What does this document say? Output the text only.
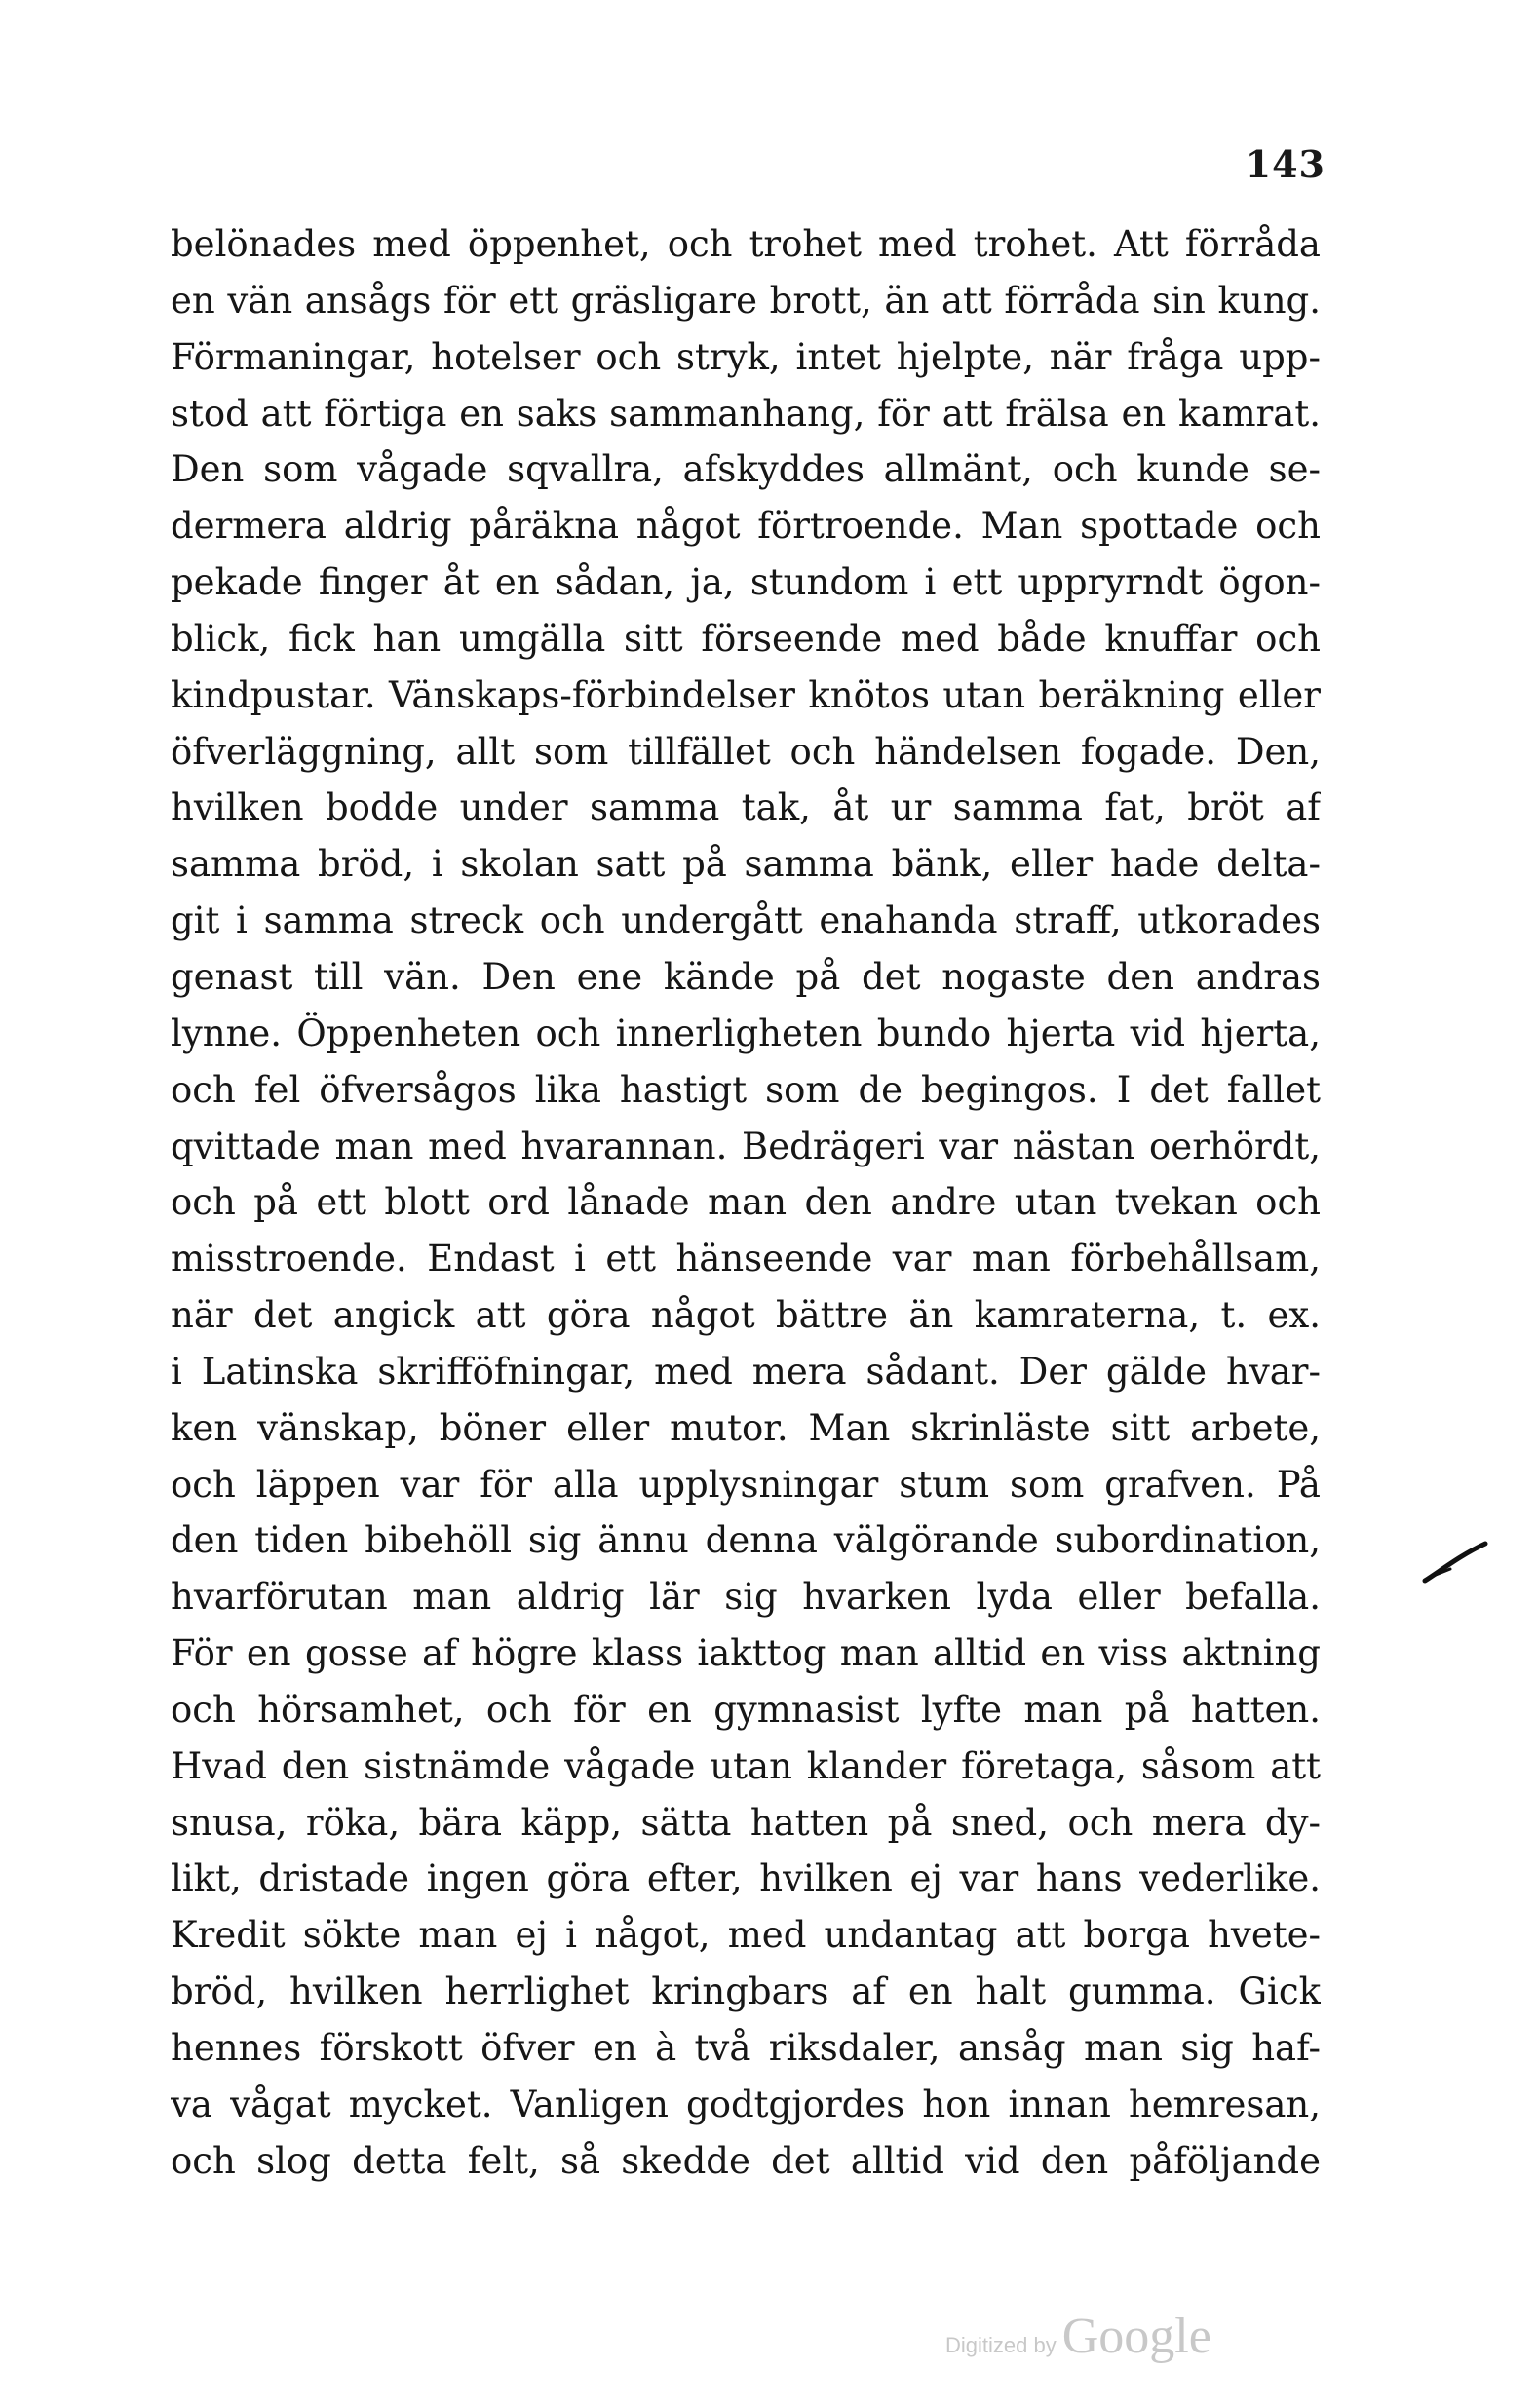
143
belönades med öppenhet, och trohet med trohet. Att förråda
en vän ansågs för ett gräsligare brott, än att förråda sin kung.
Förmaningar, hotelser och stryk, intet hjelpte, när fråga upp-
stod att förtiga en saks sammanhang, för att frälsa en kamrat.
Den som vågade sqvallra, afskyddes allmänt, och kunde se-
dermera aldrig påräkna något förtroende. Man spottade och
pekade finger åt en sådan, ja, stundom i ett uppryrndt ögon-
blick, fick han umgälla sitt förseende med både knuffar och
kindpustar. Vänskaps-förbindelser knötos utan beräkning eller
öfverläggning, allt som tillfället och händelsen fogade. Den,
hvilken bodde under samma tak, åt ur samma fat, bröt af
samma bröd, i skolan satt på samma bänk, eller hade delta-
git i samma streck och undergått enahanda straff, utkorades
genast till vän. Den ene kände på det nogaste den andras
lynne. Öppenheten och innerligheten bundo hjerta vid hjerta,
och fel öfversågos lika hastigt som de begingos. I det fallet
qvittade man med hvarannan. Bedrägeri var nästan oerhördt,
och på ett blott ord lånade man den andre utan tvekan och
misstroende. Endast i ett hänseende var man förbehållsam,
när det angick att göra något bättre än kamraterna, t. ex.
i Latinska skrifföfningar, med mera sådant. Der gälde hvar-
ken vänskap, böner eller mutor. Man skrinläste sitt arbete,
och läppen var för alla upplysningar stum som grafven. På
den tiden bibehöll sig ännu denna välgörande subordination,
hvarförutan man aldrig lär sig hvarken lyda eller befalla.
För en gosse af högre klass iakttog man alltid en viss aktning
och hörsamhet, och för en gymnasist lyfte man på hatten.
Hvad den sistnämde vågade utan klander företaga, såsom att
snusa, röka, bära käpp, sätta hatten på sned, och mera dy-
likt, dristade ingen göra efter, hvilken ej var hans vederlike.
Kredit sökte man ej i något, med undantag att borga hvete-
bröd, hvilken herrlighet kringbars af en halt gumma. Gick
hennes förskott öfver en à två riksdaler, ansåg man sig haf-
va vågat mycket. Vanligen godtgjordes hon innan hemresan,
och slog detta felt, så skedde det alltid vid den påföljande
Digitized by Google
